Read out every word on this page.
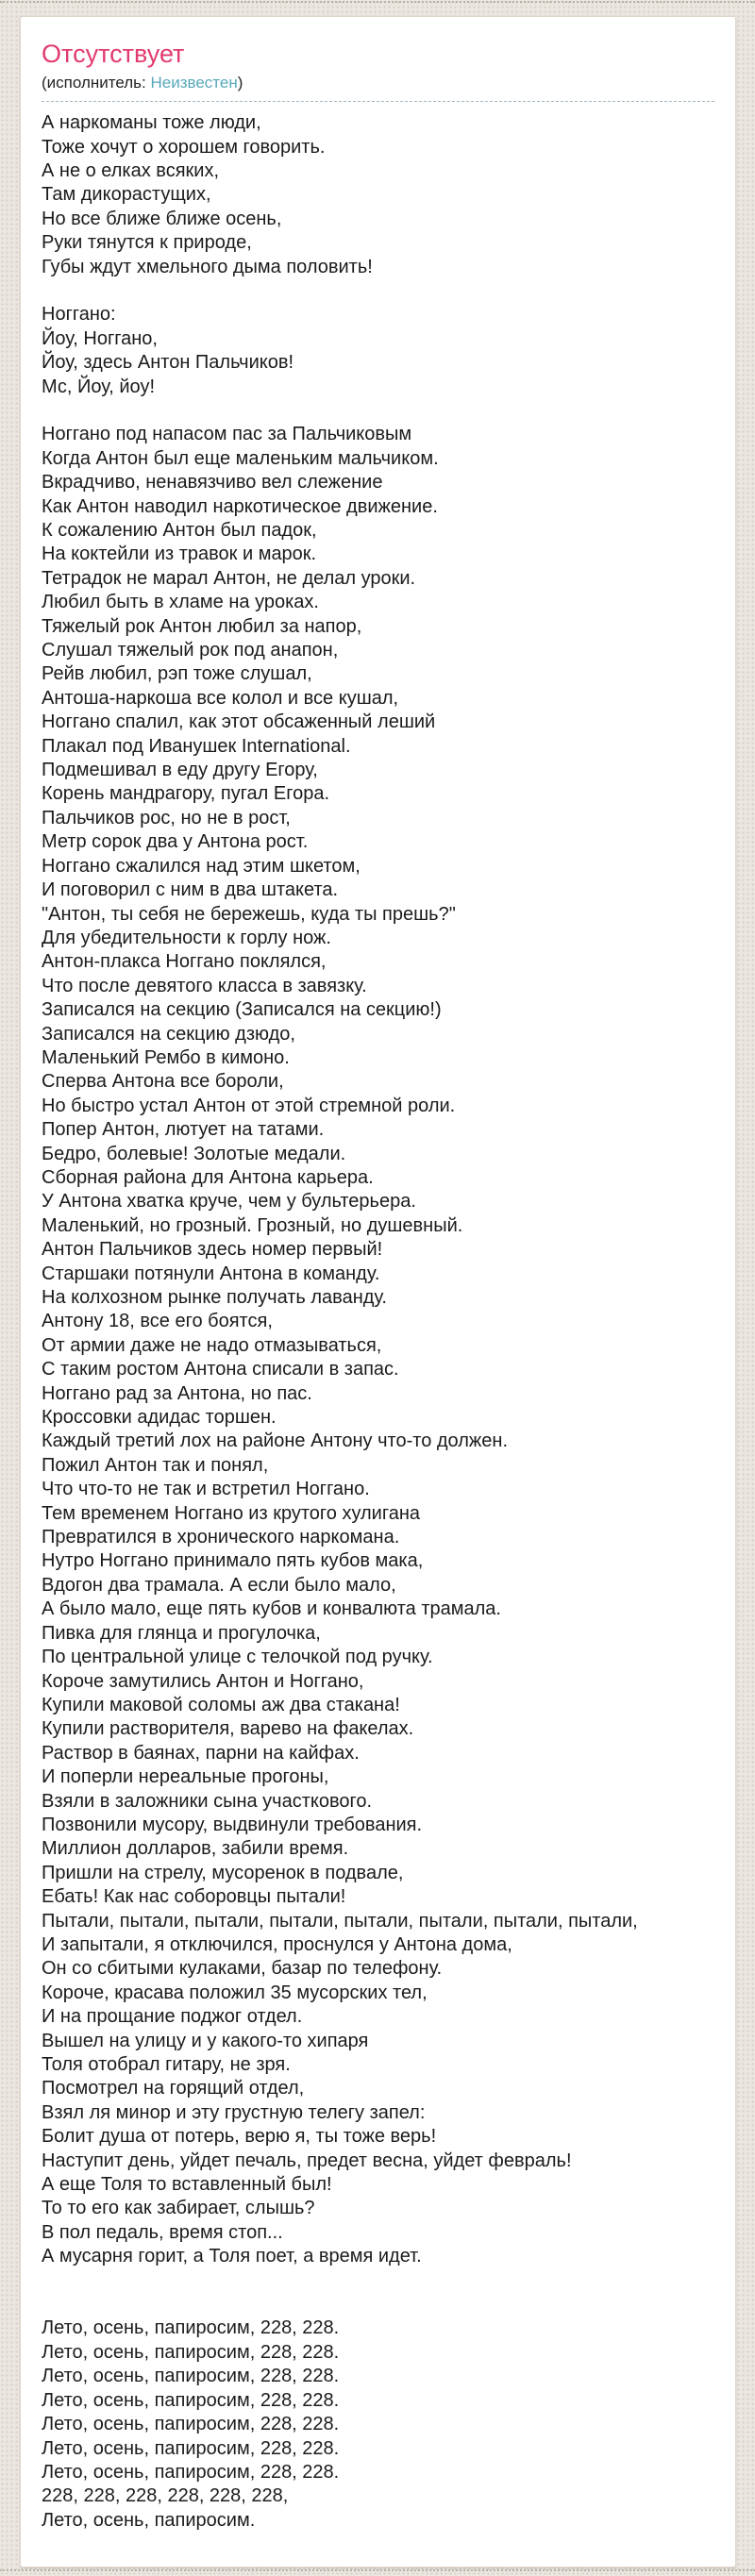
Отсутствует
(исполнитель: Неизвестен)
А наркоманы тоже люди,
Тоже хочут о хорошем говорить.
А не о елках всяких,
Там дикорастущих,
Но все ближе ближе осень,
Руки тянутся к природе,
Губы ждут хмельного дыма половить!
Ноггано:
Йоу, Ноггано,
Йоу, здесь Антон Пальчиков!
Мс, Йоу, йоу!
Ноггано под напасом пас за Пальчиковым
Когда Антон был еще маленьким мальчиком.
Вкрадчиво, ненавязчиво вел слежение
Как Антон наводил наркотическое движение.
К сожалению Антон был падок,
На коктейли из травок и марок.
Тетрадок не марал Антон, не делал уроки.
Любил быть в хламе на уроках.
Тяжелый рок Антон любил за напор,
Слушал тяжелый рок под анапон,
Рейв любил, рэп тоже слушал,
Антоша-наркоша все колол и все кушал,
Ноггано спалил, как этот обсаженный леший
Плакал под Иванушек International.
Подмешивал в еду другу Егору,
Корень мандрагору, пугал Егора.
Пальчиков рос, но не в рост,
Метр сорок два у Антона рост.
Ноггано сжалился над этим шкетом,
И поговорил с ним в два штакета.
"Антон, ты себя не бережешь, куда ты прешь?"
Для убедительности к горлу нож.
Антон-плакса Ноггано поклялся,
Что после девятого класса в завязку.
Записался на секцию (Записался на секцию!)
Записался на секцию дзюдо,
Маленький Рембо в кимоно.
Сперва Антона все бороли,
Но быстро устал Антон от этой стремной роли.
Попер Антон, лютует на татами.
Бедро, болевые! Золотые медали.
Сборная района для Антона карьера.
У Антона хватка круче, чем у бультерьера.
Маленький, но грозный. Грозный, но душевный.
Антон Пальчиков здесь номер первый!
Старшаки потянули Антона в команду.
На колхозном рынке получать лаванду.
Антону 18, все его боятся,
От армии даже не надо отмазываться,
С таким ростом Антона списали в запас.
Ноггано рад за Антона, но пас.
Кроссовки адидас торшен.
Каждый третий лох на районе Антону что-то должен.
Пожил Антон так и понял,
Что что-то не так и встретил Ноггано.
Тем временем Ноггано из крутого хулигана
Превратился в хронического наркомана.
Нутро Ноггано принимало пять кубов мака,
Вдогон два трамала. А если было мало,
А было мало, еще пять кубов и конвалюта трамала.
Пивка для глянца и прогулочка,
По центральной улице с телочкой под ручку.
Короче замутились Антон и Ноггано,
Купили маковой соломы аж два стакана!
Купили растворителя, варево на факелах.
Раствор в баянах, парни на кайфах.
И поперли нереальные прогоны,
Взяли в заложники сына участкового.
Позвонили мусору, выдвинули требования.
Миллион долларов, забили время.
Пришли на стрелу, мусоренок в подвале,
Ебать! Как нас соборовцы пытали!
Пытали, пытали, пытали, пытали, пытали, пытали, пытали, пытали,
И запытали, я отключился, проснулся у Антона дома,
Он со сбитыми кулаками, базар по телефону.
Короче, красава положил 35 мусорских тел,
И на прощание поджог отдел.
Вышел на улицу и у какого-то хипаря
Толя отобрал гитару, не зря.
Посмотрел на горящий отдел,
Взял ля минор и эту грустную телегу запел:
Болит душа от потерь, верю я, ты тоже верь!
Наступит день, уйдет печаль, предет весна, уйдет февраль!
А еще Толя то вставленный был!
То то его как забирает, слышь?
В пол педаль, время стоп...
А мусарня горит, а Толя поет, а время идет.
Лето, осень, папиросим, 228, 228.
Лето, осень, папиросим, 228, 228.
Лето, осень, папиросим, 228, 228.
Лето, осень, папиросим, 228, 228.
Лето, осень, папиросим, 228, 228.
Лето, осень, папиросим, 228, 228.
Лето, осень, папиросим, 228, 228.
228, 228, 228, 228, 228, 228,
Лето, осень, папиросим.
